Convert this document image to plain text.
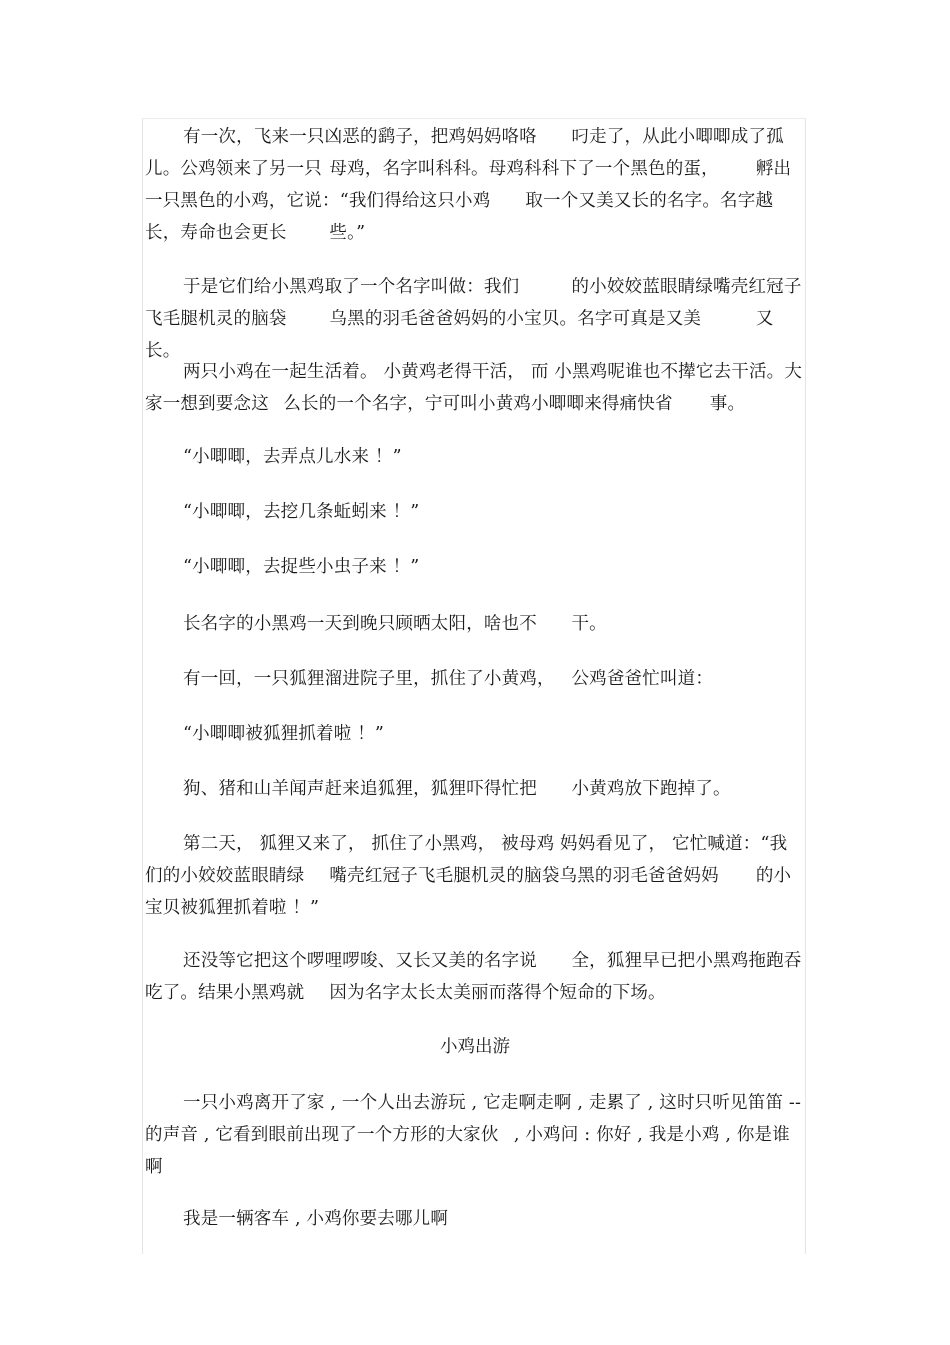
有一次，飞来一只凶恶的鹞子，把鸡妈妈咯咯	叼走了，从此小唧唧成了孤儿。公鸡领来了另一只	母鸡，名字叫科科。母鸡科科下了一个黑色的蛋，	孵出一只黑色的小鸡，它说：“我们得给这只小鸡	取一个又美又长的名字。名字越长，寿命也会更长	些。”

于是它们给小黑鸡取了一个名字叫做：我们	的小姣姣蓝眼睛绿嘴壳红冠子飞毛腿机灵的脑袋	乌黑的羽毛爸爸妈妈的小宝贝。名字可真是又美	又长。

两只小鸡在一起生活着。 小黄鸡老得干活， 而 小黑鸡呢谁也不撵它去干活。大家一想到要念这	么长的一个名字，宁可叫小黄鸡小唧唧来得痛快省	事。

“小唧唧，去弄点儿水来 ！”

“小唧唧，去挖几条蚯蚓来 ！”

“小唧唧，去捉些小虫子来 ！”

长名字的小黑鸡一天到晚只顾晒太阳，啥也不	干。

有一回，一只狐狸溜进院子里，抓住了小黄鸡，	公鸡爸爸忙叫道：

“小唧唧被狐狸抓着啦 ！”

狗、猪和山羊闻声赶来追狐狸，狐狸吓得忙把	小黄鸡放下跑掉了。

第二天， 狐狸又来了， 抓住了小黑鸡， 被母鸡 妈妈看见了， 它忙喊道：“我们的小姣姣蓝眼睛绿	嘴壳红冠子飞毛腿机灵的脑袋乌黑的羽毛爸爸妈妈	的小宝贝被狐狸抓着啦 ！”

还没等它把这个啰哩啰唆、又长又美的名字说	全，狐狸早已把小黑鸡拖跑吞吃了。结果小黑鸡就	因为名字太长太美丽而落得个短命的下场。

小鸡出游

一只小鸡离开了家 , 一个人出去游玩 , 它走啊走啊 , 走累了 , 这时只听见笛笛 -- 的声音 , 它看到眼前出现了一个方形的大家伙	, 小鸡问 : 你好 , 我是小鸡 , 你是谁啊

我是一辆客车 , 小鸡你要去哪儿啊
